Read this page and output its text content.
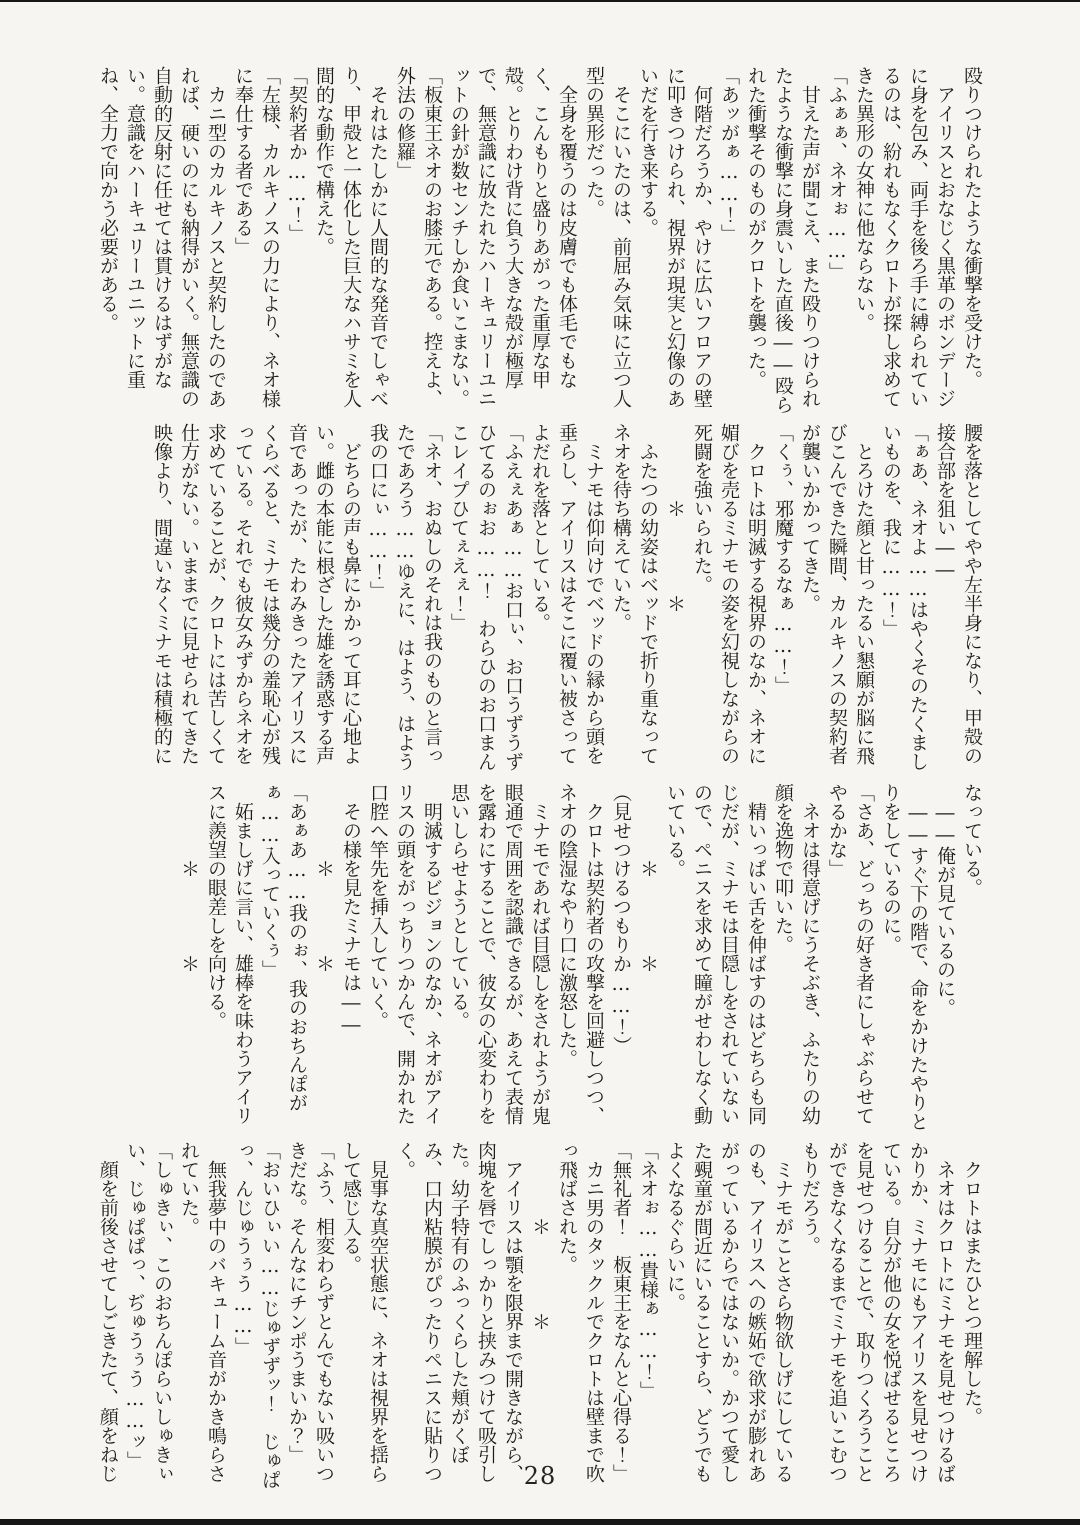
殴りつけられたような衝撃を受けた。

　アイリスとおなじく黒革のボンデージに身を包み、両手を後ろ手に縛られているのは、紛れもなくクロトが探し求めてきた異形の女神に他ならない。

「ふぁぁ、ネオぉ……」

　甘えた声が聞こえ、また殴りつけられたような衝撃に身震いした直後――殴られた衝撃そのものがクロトを襲った。

「あッがぁ……！」

　何階だろうか、やけに広いフロアの壁に叩きつけられ、視界が現実と幻像のあいだを行き来する。

　そこにいたのは、前屈み気味に立つ人型の異形だった。

　全身を覆うのは皮膚でも体毛でもなく、こんもりと盛りあがった重厚な甲殻。とりわけ背に負う大きな殻が極厚で、無意識に放たれたハーキュリーユニットの針が数センチしか食いこまない。

「板東王ネオのお膝元である。控えよ、外法の修羅」

　それはたしかに人間的な発音でしゃべり、甲殻と一体化した巨大なハサミを人間的な動作で構えた。

「契約者か……！」

「左様、カルキノスの力により、ネオ様に奉仕する者である」

　カニ型のカルキノスと契約したのであれば、硬いのにも納得がいく。無意識の自動的反射に任せては貫けるはずがない。意識をハーキュリーユニットに重ね、全力で向かう必要がある。

腰を落としてやや左半身になり、甲殻の接合部を狙い――

「ぁあ、ネオよ……はやくそのたくましいものを、我に……！」

　とろけた顔と甘ったるい懇願が脳に飛びこんできた瞬間、カルキノスの契約者が襲いかかってきた。

「くぅ、邪魔するなぁ……！」

　クロトは明滅する視界のなか、ネオに媚びを売るミナモの姿を幻視しながらの死闘を強いられた。

　　　　＊　　　　＊

　ふたつの幼姿はベッドで折り重なってネオを待ち構えていた。

　ミナモは仰向けでベッドの縁から頭を垂らし、アイリスはそこに覆い被さってよだれを落としている。

「ふえぇあぁ……お口ぃ、お口うずうずひてるのぉお……！　わらひのお口まんこレイプひてぇえぇ！」

「ネオ、おぬしのそれは我のものと言ったであろう……ゆえに、はよう、はよう我の口にぃ……！」

　どちらの声も鼻にかかって耳に心地よい。雌の本能に根ざした雄を誘惑する声音であったが、たわみきったアイリスにくらべると、ミナモは幾分の羞恥心が残っている。それでも彼女みずからネオを求めていることが、クロトには苦しくて仕方がない。いままでに見せられてきた映像より、間違いなくミナモは積極的に

なっている。

　――俺が見ているのに。

　――すぐ下の階で、命をかけたやりとりをしているのに。

「さあ、どっちの好き者にしゃぶらせてやるかな」

　ネオは得意げにうそぶき、ふたりの幼顔を逸物で叩いた。

　精いっぱい舌を伸ばすのはどちらも同じだが、ミナモは目隠しをされていないので、ペニスを求めて瞳がせわしなく動いている。

　　　　＊　　　　＊

（見せつけるつもりか……！）

　クロトは契約者の攻撃を回避しつつ、ネオの陰湿なやり口に激怒した。

　ミナモであれば目隠しをされようが鬼眼通で周囲を認識できるが、あえて表情を露わにすることで、彼女の心変わりを思いしらせようとしている。

　明滅するビジョンのなか、ネオがアイリスの頭をがっちりつかんで、開かれた口腔へ竿先を挿入していく。

　その様を見たミナモは――

　　　　＊　　　　＊

「あぁあ……我のぉ、我のおちんぽがぁ……入っていくぅ」

　妬ましげに言い、雄棒を味わうアイリスに羨望の眼差しを向ける。

　　　　＊　　　　＊

　クロトはまたひとつ理解した。

　ネオはクロトにミナモを見せつけるばかりか、ミナモにもアイリスを見せつけている。自分が他の女を悦ばせるところを見せつけることで、取りつくろうことができなくなるまでミナモを追いこむつもりだろう。

　ミナモがことさら物欲しげにしているのも、アイリスへの嫉妬で欲求が膨れあがっているからではないか。かつて愛した覡童が間近にいることすら、どうでもよくなるぐらいに。

「ネオぉ……貴様ぁ……！」

「無礼者！　板東王をなんと心得る！」

　カニ男のタックルでクロトは壁まで吹っ飛ばされた。

　　　　＊　　　　＊

　アイリスは顎を限界まで開きながら、肉塊を唇でしっかりと挟みつけて吸引した。幼子特有のふっくらした頬がくぼみ、口内粘膜がぴったりペニスに貼りつく。

　見事な真空状態に、ネオは視界を揺らして感じ入る。

「ふう、相変わらずとんでもない吸いつきだな。そんなにチンポうまいか？」

「おいひぃい……じゅずずッ！　じゅぱっ、んじゅうぅう……」

　無我夢中のバキューム音がかき鳴らされていた。

「しゅきぃ、このおちんぽらいしゅきぃい、じゅぱぱっ、ぢゅうぅう……ッ」

　顔を前後させてしごきたて、顔をねじ	28
